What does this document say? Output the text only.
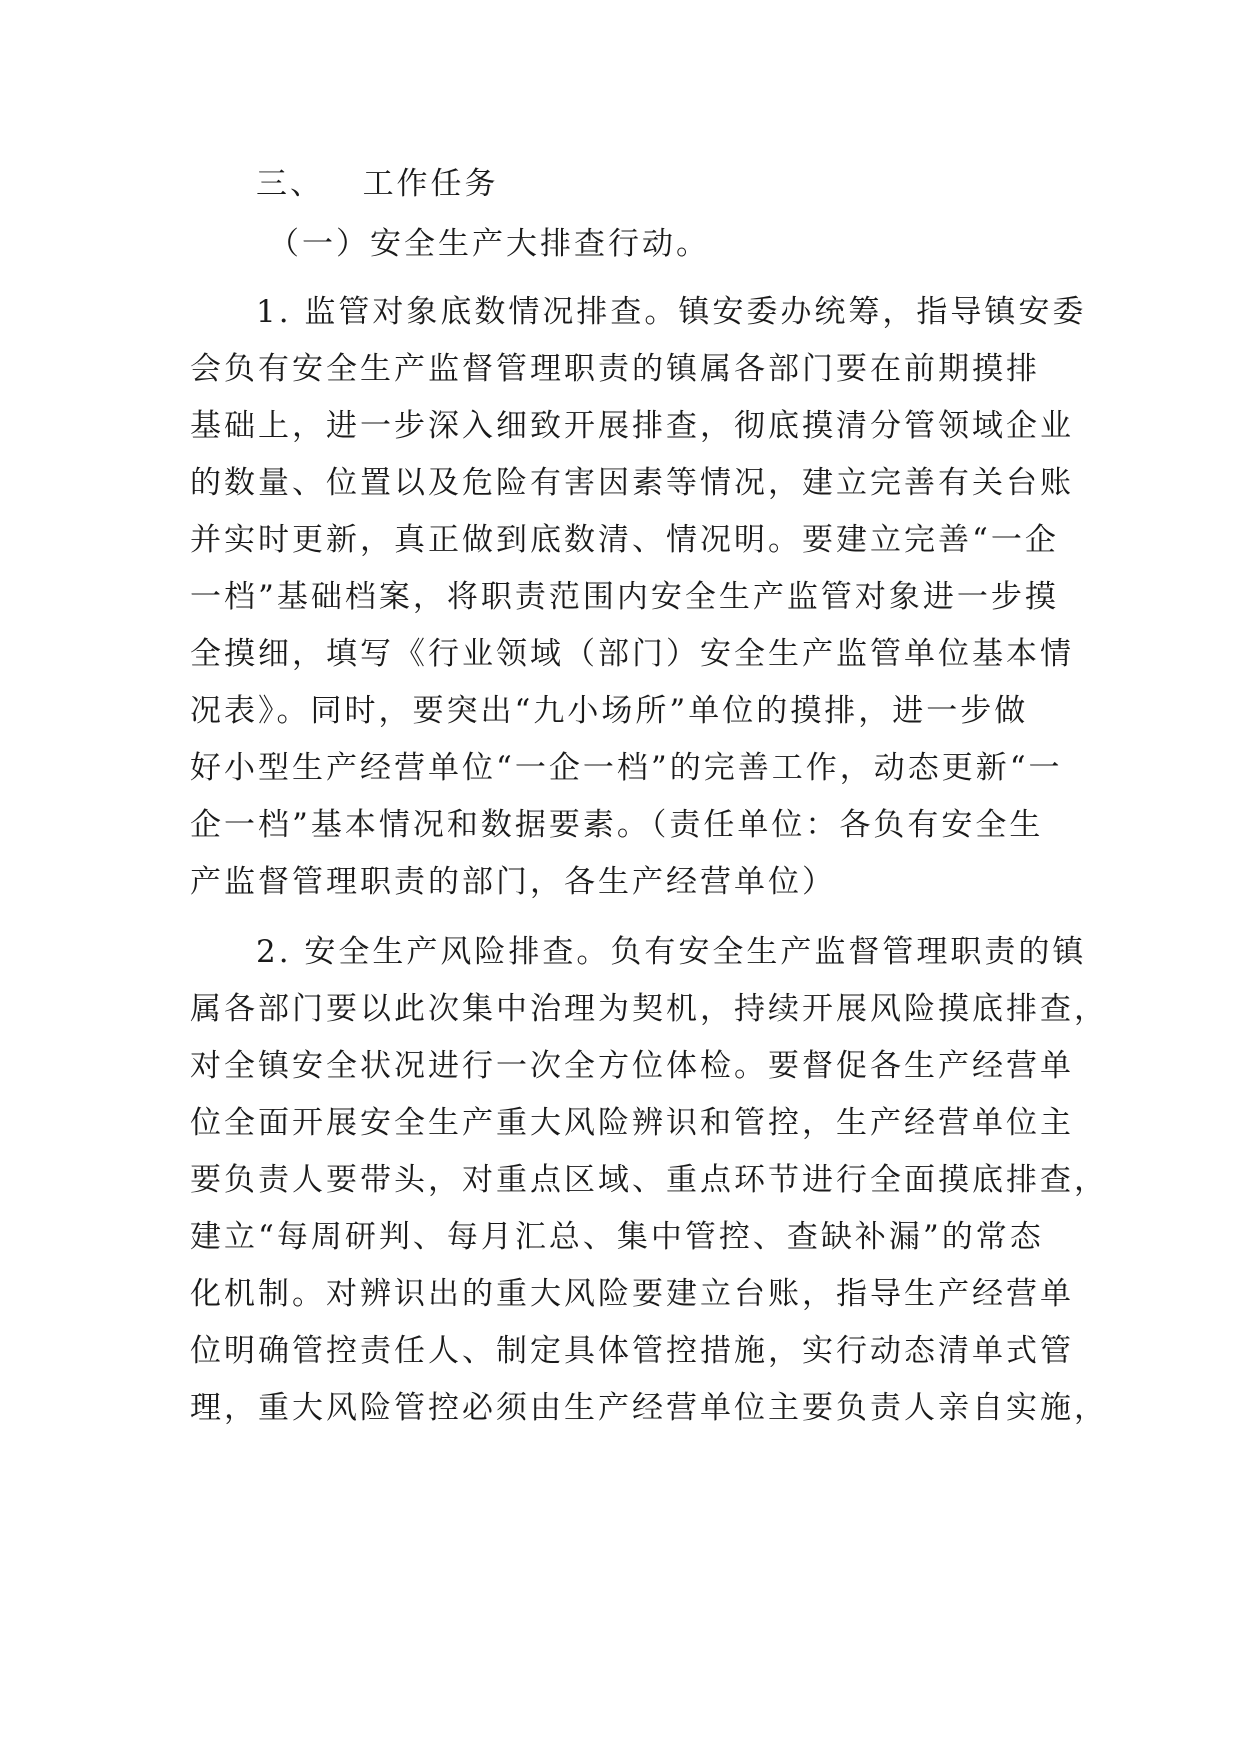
三、 工作任务

（一）安全生产大排查行动。

1. 监管对象底数情况排查。镇安委办统筹，指导镇安委

会负有安全生产监督管理职责的镇属各部门要在前期摸排

基础上，进一步深入细致开展排查，彻底摸清分管领域企业

的数量、位置以及危险有害因素等情况，建立完善有关台账

并实时更新，真正做到底数清、情况明。要建立完善“一企

一档”基础档案，将职责范围内安全生产监管对象进一步摸

全摸细，填写《行业领域（部门）安全生产监管单位基本情

况表》。同时，要突出“九小场所”单位的摸排，进一步做

好小型生产经营单位“一企一档”的完善工作，动态更新“一

企一档”基本情况和数据要素。（责任单位：各负有安全生

产监督管理职责的部门，各生产经营单位）

2. 安全生产风险排查。负有安全生产监督管理职责的镇

属各部门要以此次集中治理为契机，持续开展风险摸底排查，

对全镇安全状况进行一次全方位体检。要督促各生产经营单

位全面开展安全生产重大风险辨识和管控，生产经营单位主

要负责人要带头，对重点区域、重点环节进行全面摸底排查，

建立“每周研判、每月汇总、集中管控、查缺补漏”的常态

化机制。对辨识出的重大风险要建立台账，指导生产经营单

位明确管控责任人、制定具体管控措施，实行动态清单式管

理，重大风险管控必须由生产经营单位主要负责人亲自实施，
